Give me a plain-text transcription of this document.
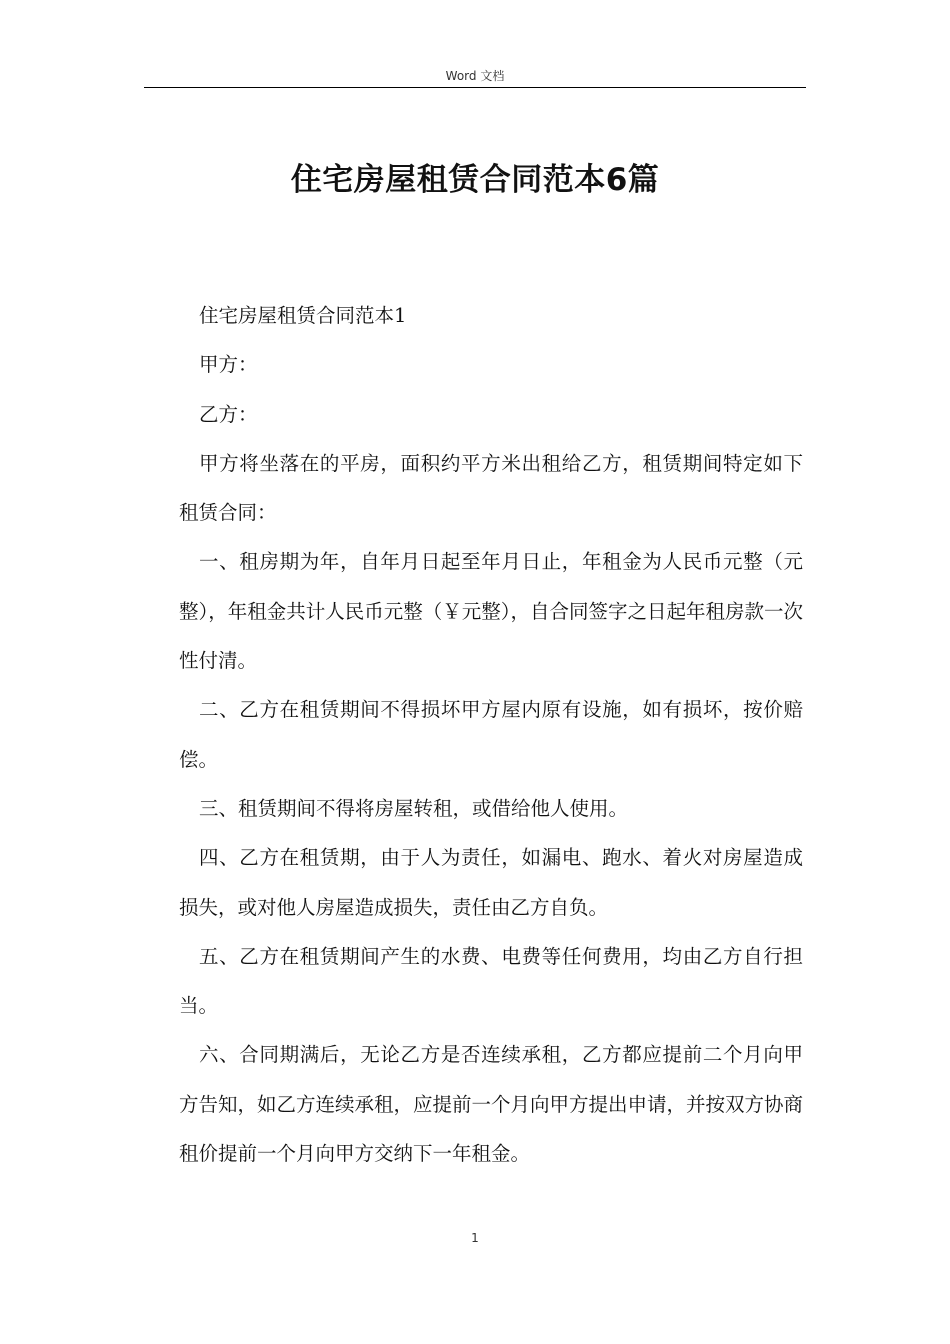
Word 文档
住宅房屋租赁合同范本6篇

住宅房屋租赁合同范本1

甲方：

乙方：

甲方将坐落在的平房，面积约平方米出租给乙方，租赁期间特定如下租赁合同：

一、租房期为年，自年月日起至年月日止，年租金为人民币元整（元整），年租金共计人民币元整（￥元整），自合同签字之日起年租房款一次性付清。

二、乙方在租赁期间不得损坏甲方屋内原有设施，如有损坏，按价赔偿。

三、租赁期间不得将房屋转租，或借给他人使用。

四、乙方在租赁期，由于人为责任，如漏电、跑水、着火对房屋造成损失，或对他人房屋造成损失，责任由乙方自负。

五、乙方在租赁期间产生的水费、电费等任何费用，均由乙方自行担当。

六、合同期满后，无论乙方是否连续承租，乙方都应提前二个月向甲方告知，如乙方连续承租，应提前一个月向甲方提出申请，并按双方协商租价提前一个月向甲方交纳下一年租金。

1
